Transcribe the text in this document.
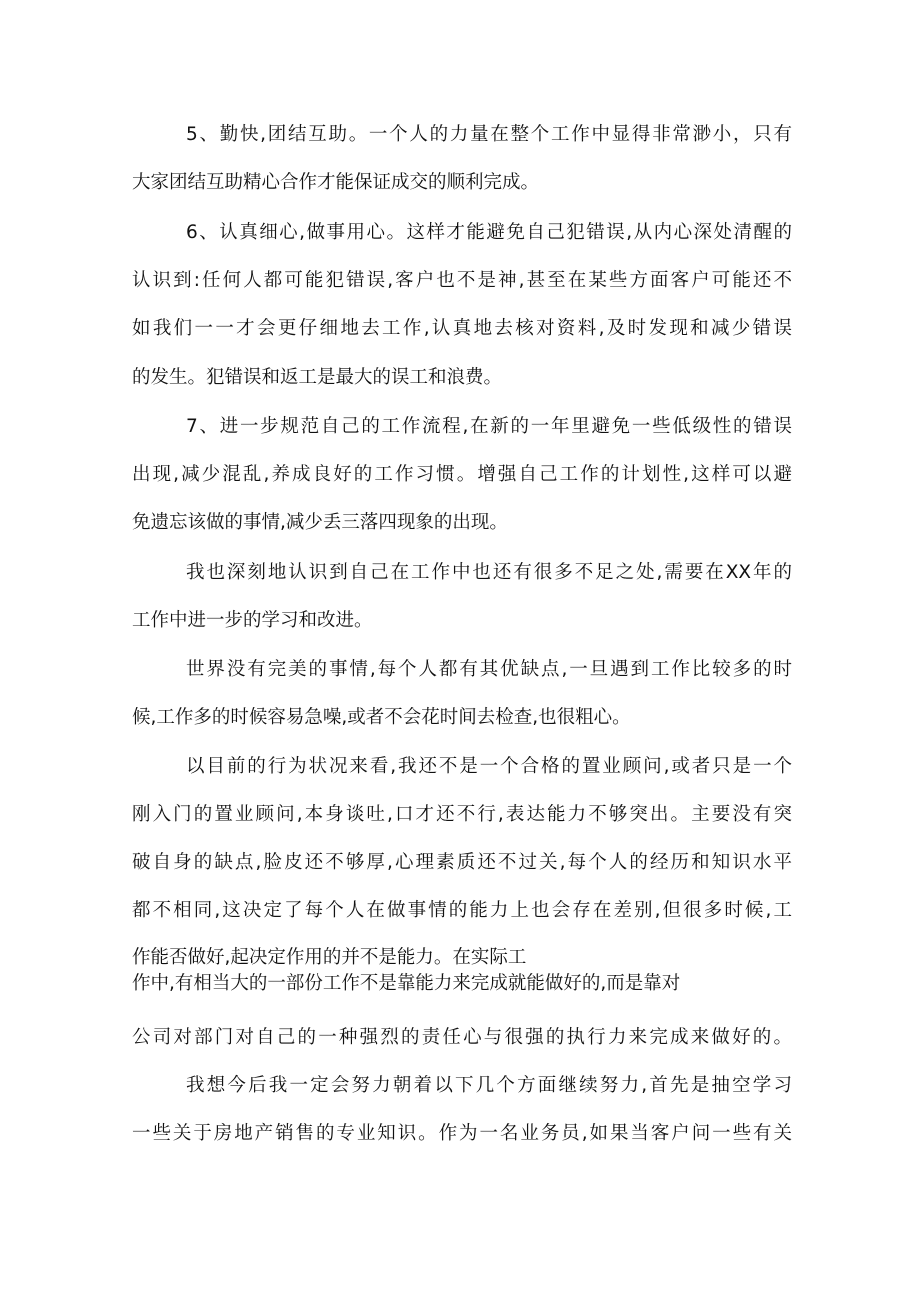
5、勤快,团结互助。一个人的力量在整个工作中显得非常渺小，只有
大家团结互助精心合作才能保证成交的顺利完成。
6、认真细心,做事用心。这样才能避免自己犯错误,从内心深处清醒的
认识到:任何人都可能犯错误,客户也不是神,甚至在某些方面客户可能还不
如我们一一才会更仔细地去工作,认真地去核对资料,及时发现和减少错误
的发生。犯错误和返工是最大的误工和浪费。
7、进一步规范自己的工作流程,在新的一年里避免一些低级性的错误
出现,减少混乱,养成良好的工作习惯。增强自己工作的计划性,这样可以避
免遗忘该做的事情,减少丢三落四现象的出现。
我也深刻地认识到自己在工作中也还有很多不足之处,需要在XX年的
工作中进一步的学习和改进。
世界没有完美的事情,每个人都有其优缺点,一旦遇到工作比较多的时
候,工作多的时候容易急噪,或者不会花时间去检查,也很粗心。
以目前的行为状况来看,我还不是一个合格的置业顾问,或者只是一个
刚入门的置业顾问,本身谈吐,口才还不行,表达能力不够突出。主要没有突
破自身的缺点,脸皮还不够厚,心理素质还不过关,每个人的经历和知识水平
都不相同,这决定了每个人在做事情的能力上也会存在差别,但很多时候,工
作能否做好,起决定作用的并不是能力。在实际工
作中,有相当大的一部份工作不是靠能力来完成就能做好的,而是靠对
公司对部门对自己的一种强烈的责任心与很强的执行力来完成来做好的。
我想今后我一定会努力朝着以下几个方面继续努力,首先是抽空学习
一些关于房地产销售的专业知识。作为一名业务员,如果当客户问一些有关
